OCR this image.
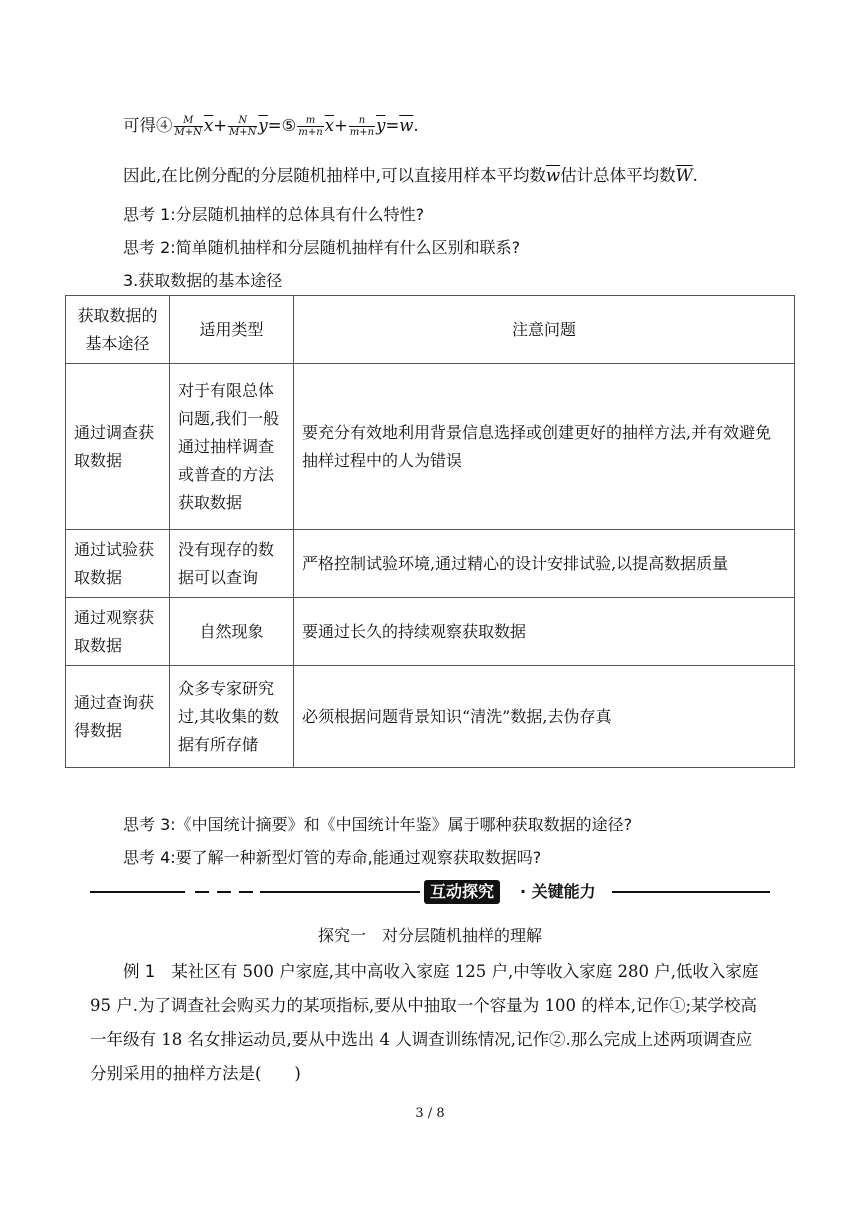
可得④ $\frac{M}{M+N} \overline{x}+ \frac{N}{M+N}$ $\overline{y}=⑤ \frac{m}{m+n} \overline{x}+ \frac{n}{m+n} \overline{y}=\overline{w}$.
因此,在比例分配的分层随机抽样中,可以直接用样本平均数$\overline{w}$估计总体平均数$\overline{W}$.
思考 1:分层随机抽样的总体具有什么特性?
思考 2:简单随机抽样和分层随机抽样有什么区别和联系?
3.获取数据的基本途径
获取数据的基本途径	适用类型	注意问题
通过调查获取数据	对于有限总体问题,我们一般通过抽样调查或普查的方法获取数据	要充分有效地利用背景信息选择或创建更好的抽样方法,并有效避免抽样过程中的人为错误
通过试验获取数据	没有现存的数据可以查询	严格控制试验环境,通过精心的设计安排试验,以提高数据质量
通过观察获取数据	自然现象	要通过长久的持续观察获取数据
通过查询获得数据	众多专家研究过,其收集的数据有所存储	必须根据问题背景知识“清洗”数据,去伪存真
思考 3:《中国统计摘要》和《中国统计年鉴》属于哪种获取数据的途径?
思考 4:要了解一种新型灯管的寿命,能通过观察获取数据吗?
互动探究	· 关键能力
探究一　对分层随机抽样的理解
例 1 某社区有 500 户家庭,其中高收入家庭 125 户,中等收入家庭 280 户,低收入家庭
95 户.为了调查社会购买力的某项指标,要从中抽取一个容量为 100 的样本,记作①;某学校高
一年级有 18 名女排运动员,要从中选出 4 人调查训练情况,记作②.那么完成上述两项调查应
分别采用的抽样方法是(　　)
3 / 8
